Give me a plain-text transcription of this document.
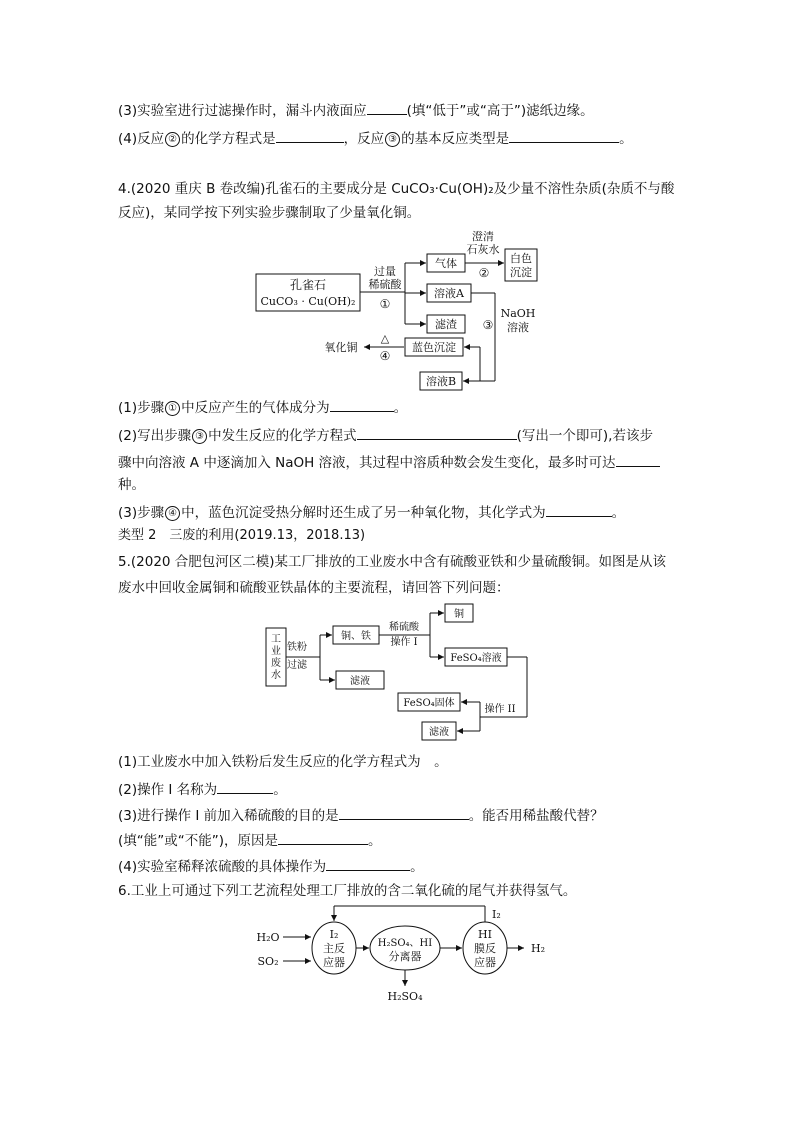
(3)实验室进行过滤操作时，漏斗内液面应	(填“低于”或“高于”)滤纸边缘。
(4)反应 ② 的化学方程式是	，反应 ③ 的基本反应类型是	。
4.(2020 重庆 B 卷改编)孔雀石的主要成分是 CuCO₃·Cu(OH)₂及少量不溶性杂质(杂质不与酸
反应)，某同学按下列实验步骤制取了少量氧化铜。
孔雀石
CuCO₃ · Cu(OH)₂
过量
稀硫酸
①
气体
澄清
石灰水
②
白色
沉淀
溶液A
滤渣
NaOH
溶液
③
蓝色沉淀
△
④
氧化铜
溶液B
(1)步骤 ① 中反应产生的气体成分为	。
(2)写出步骤 ③ 中发生反应的化学方程式	(写出一个即可),若该步
骤中向溶液 A 中逐滴加入 NaOH 溶液，其过程中溶质种数会发生变化，最多时可达
种。
(3)步骤 ④ 中，蓝色沉淀受热分解时还生成了另一种氧化物，其化学式为	。
类型 2　三废的利用(2019.13，2018.13)
5.(2020 合肥包河区二模)某工厂排放的工业废水中含有硫酸亚铁和少量硫酸铜。如图是从该
废水中回收金属铜和硫酸亚铁晶体的主要流程，请回答下列问题：
工
业
废
水
铁粉
过滤
铜、铁
稀硫酸
操作 I
铜
FeSO₄溶液
滤液
FeSO₄固体
操作 II
滤液
(1)工业废水中加入铁粉后发生反应的化学方程式为　。
(2)操作 I 名称为	。
(3)进行操作 I 前加入稀硫酸的目的是	。能否用稀盐酸代替？
(填“能”或“不能”)，原因是	。
(4)实验室稀释浓硫酸的具体操作为	。
6.工业上可通过下列工艺流程处理工厂排放的含二氧化硫的尾气并获得氢气。
H₂O
SO₂
I₂
主反
应器
H₂SO₄、HI
分离器
HI
膜反
应器
H₂
H₂SO₄
I₂
